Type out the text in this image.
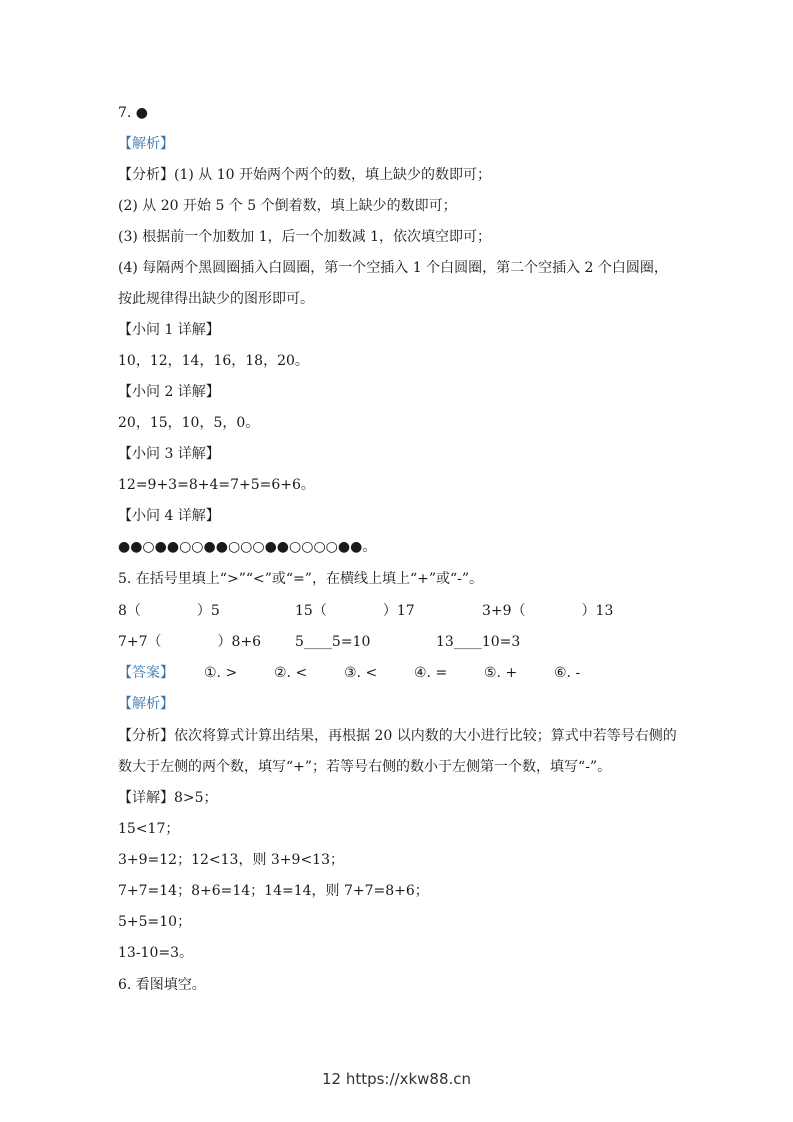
7. ●
【解析】
【分析】(1) 从 10 开始两个两个的数，填上缺少的数即可；
(2) 从 20 开始 5 个 5 个倒着数，填上缺少的数即可；
(3) 根据前一个加数加 1，后一个加数减 1，依次填空即可；
(4) 每隔两个黑圆圈插入白圆圈，第一个空插入 1 个白圆圈，第二个空插入 2 个白圆圈，
按此规律得出缺少的图形即可。
【小问 1 详解】
10，12，14，16，18，20。
【小问 2 详解】
20，15，10，5，0。
【小问 3 详解】
12=9+3=8+4=7+5=6+6。
【小问 4 详解】
●●○●●○○●●○○○●●○○○○●●。
5. 在括号里填上“>”“<”或“=”，在横线上填上“+”或“-”。
8（　　　　）5	15（　　　　）17	3+9（　　　　）13
7+7（　　　　）8+6 5____5=10	13____10=3
【答案】 ①. >	②. <	③. <	④. =	⑤. +	⑥. -
【解析】
【分析】依次将算式计算出结果，再根据 20 以内数的大小进行比较；算式中若等号右侧的
数大于左侧的两个数，填写“+”；若等号右侧的数小于左侧第一个数，填写“-”。
【详解】8>5；
15<17；
3+9=12；12<13，则 3+9<13；
7+7=14；8+6=14；14=14，则 7+7=8+6；
5+5=10；
13-10=3。
6. 看图填空。
12 https://xkw88.cn
